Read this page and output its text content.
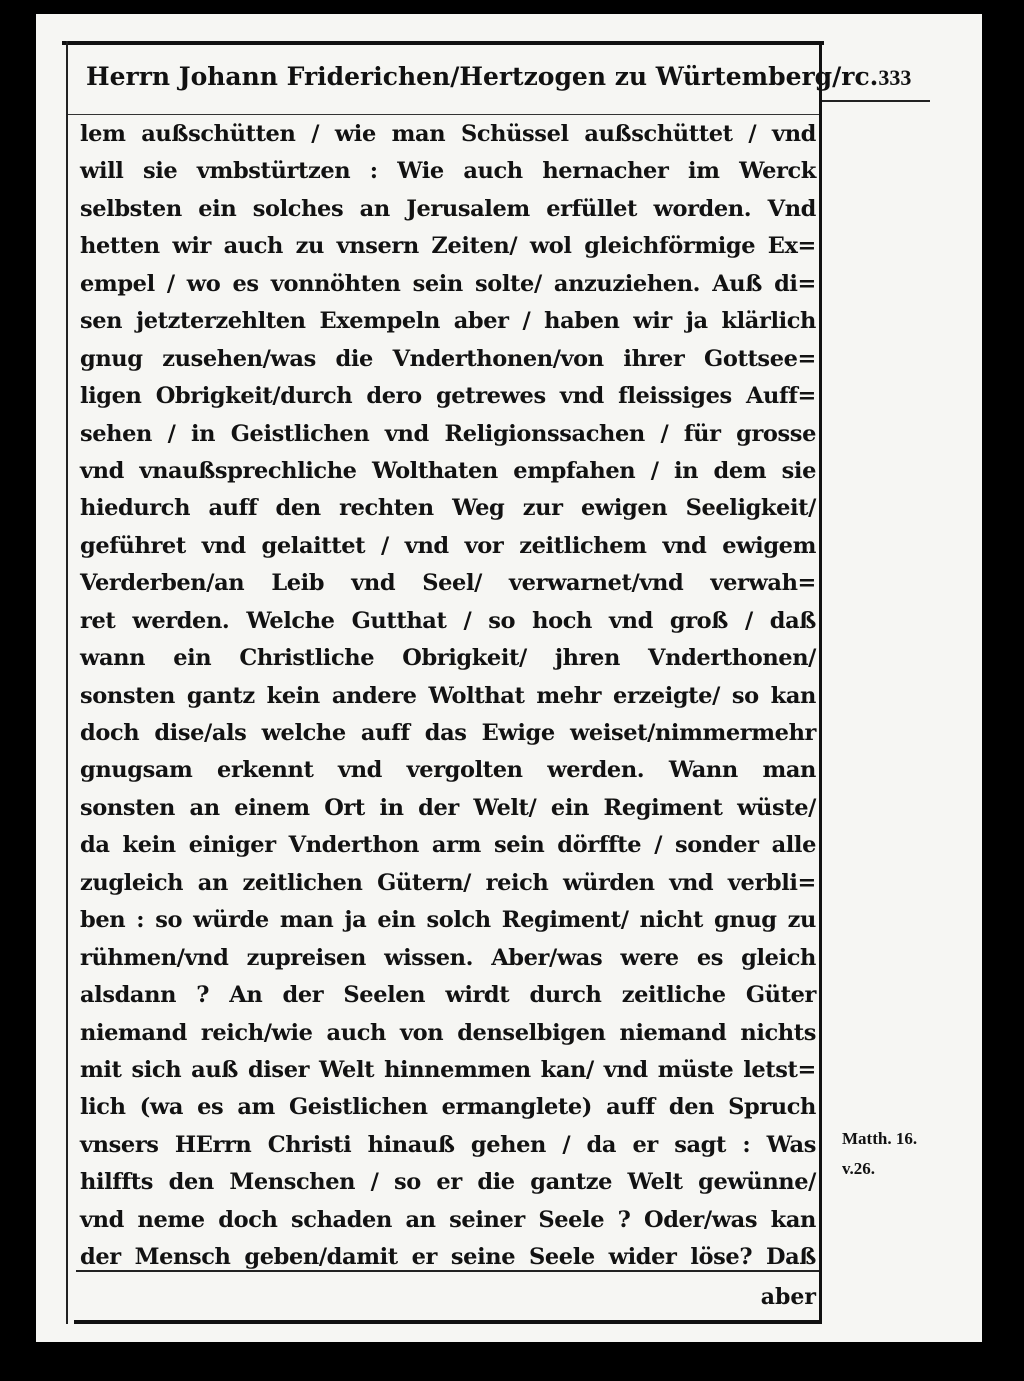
Herrn Johann Friderichen/Hertzogen zu Würtemberg/rc. 333
lem außschütten / wie man Schüssel außschüttet / vnd
will sie vmbstürtzen : Wie auch hernacher im Werck
selbsten ein solches an Jerusalem erfüllet worden. Vnd
hetten wir auch zu vnsern Zeiten/ wol gleichförmige Ex=
empel / wo es vonnöhten sein solte/ anzuziehen. Auß di=
sen jetzterzehlten Exempeln aber / haben wir ja klärlich
gnug zusehen/was die Vnderthonen/von ihrer Gottsee=
ligen Obrigkeit/durch dero getrewes vnd fleissiges Auff=
sehen / in Geistlichen vnd Religionssachen / für grosse
vnd vnaußsprechliche Wolthaten empfahen / in dem sie
hiedurch auff den rechten Weg zur ewigen Seeligkeit/
geführet vnd gelaittet / vnd vor zeitlichem vnd ewigem
Verderben/an Leib vnd Seel/ verwarnet/vnd verwah=
ret werden. Welche Gutthat / so hoch vnd groß / daß
wann ein Christliche Obrigkeit/ jhren Vnderthonen/
sonsten gantz kein andere Wolthat mehr erzeigte/ so kan
doch dise/als welche auff das Ewige weiset/nimmermehr
gnugsam erkennt vnd vergolten werden. Wann man
sonsten an einem Ort in der Welt/ ein Regiment wüste/
da kein einiger Vnderthon arm sein dörffte / sonder alle
zugleich an zeitlichen Gütern/ reich würden vnd verbli=
ben : so würde man ja ein solch Regiment/ nicht gnug zu
rühmen/vnd zupreisen wissen. Aber/was were es gleich
alsdann ? An der Seelen wirdt durch zeitliche Güter
niemand reich/wie auch von denselbigen niemand nichts
mit sich auß diser Welt hinnemmen kan/ vnd müste letst=
lich (wa es am Geistlichen ermanglete) auff den Spruch
vnsers HErrn Christi hinauß gehen / da er sagt : Was
hilffts den Menschen / so er die gantze Welt gewünne/
vnd neme doch schaden an seiner Seele ? Oder/was kan
der Mensch geben/damit er seine Seele wider löse? Daß
Matth. 16.
v.26.
aber
